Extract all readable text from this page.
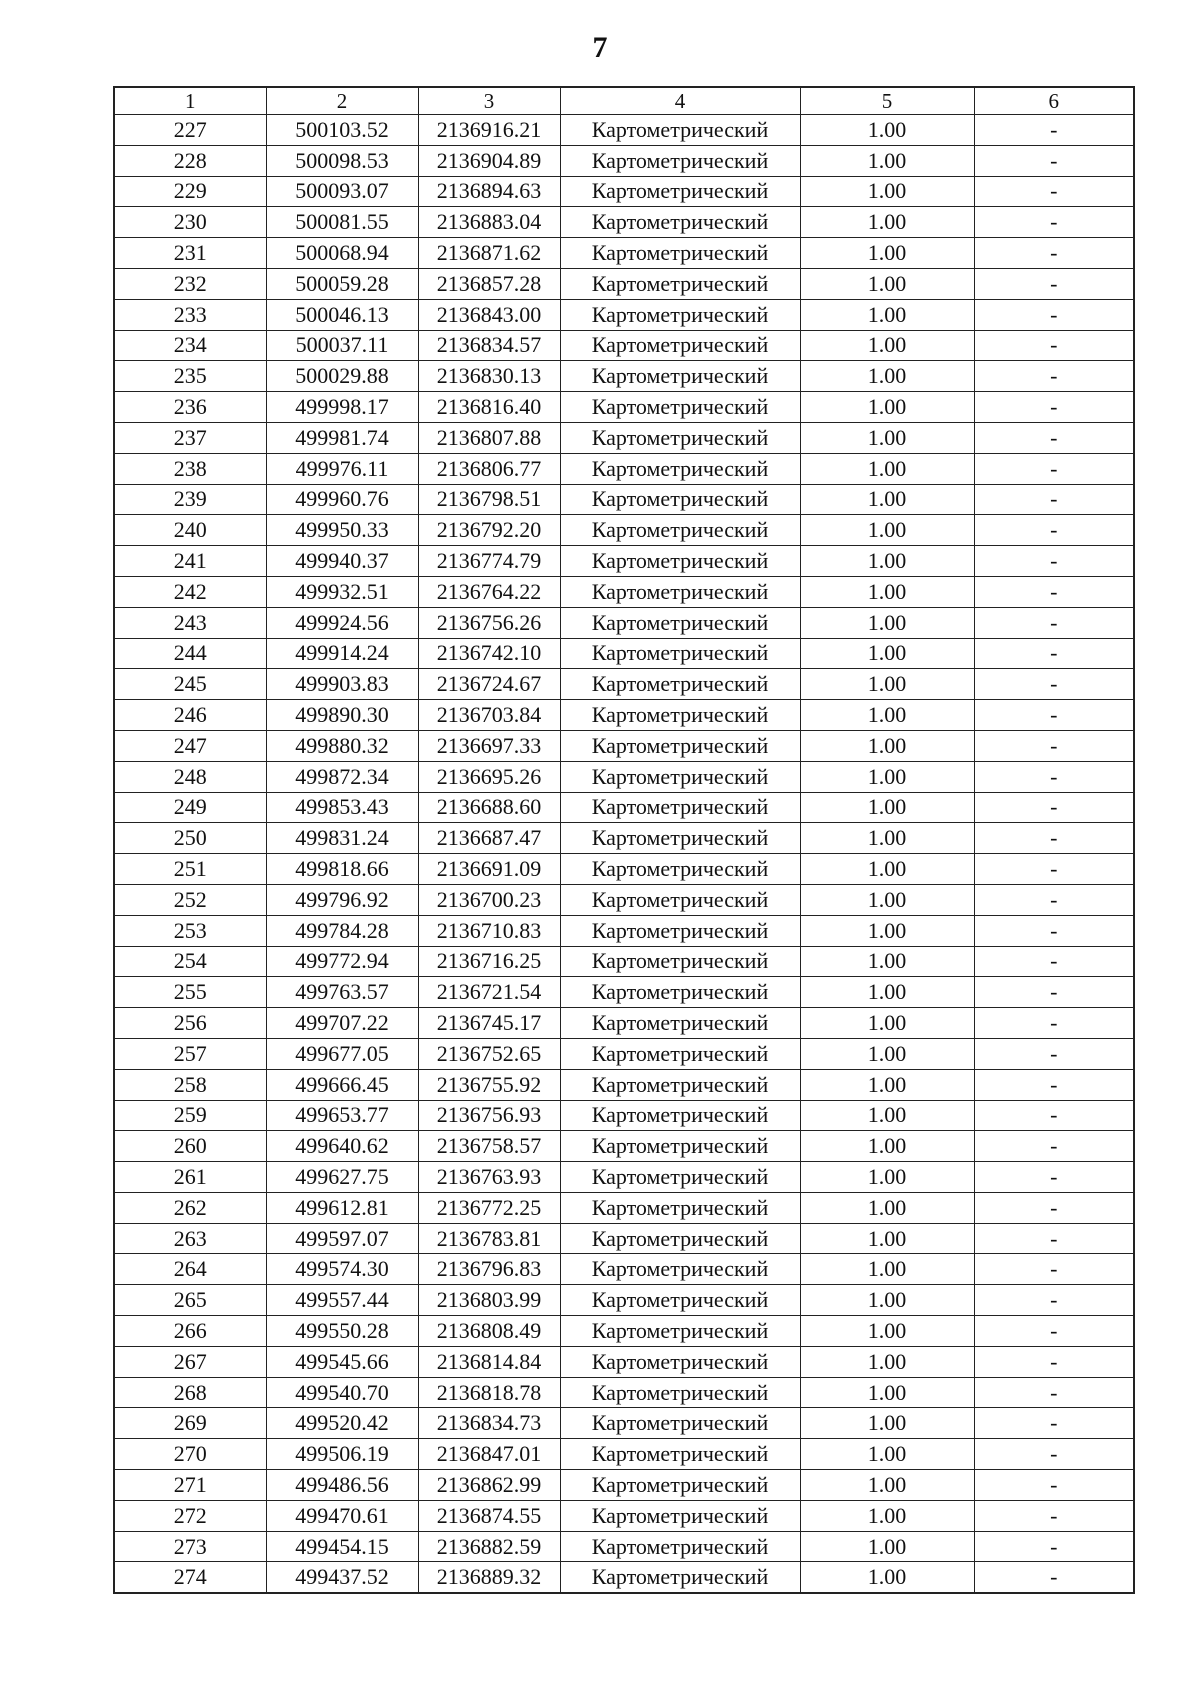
7
1	2	3	4	5	6
227	500103.52	2136916.21	Картометрический	1.00	-
228	500098.53	2136904.89	Картометрический	1.00	-
229	500093.07	2136894.63	Картометрический	1.00	-
230	500081.55	2136883.04	Картометрический	1.00	-
231	500068.94	2136871.62	Картометрический	1.00	-
232	500059.28	2136857.28	Картометрический	1.00	-
233	500046.13	2136843.00	Картометрический	1.00	-
234	500037.11	2136834.57	Картометрический	1.00	-
235	500029.88	2136830.13	Картометрический	1.00	-
236	499998.17	2136816.40	Картометрический	1.00	-
237	499981.74	2136807.88	Картометрический	1.00	-
238	499976.11	2136806.77	Картометрический	1.00	-
239	499960.76	2136798.51	Картометрический	1.00	-
240	499950.33	2136792.20	Картометрический	1.00	-
241	499940.37	2136774.79	Картометрический	1.00	-
242	499932.51	2136764.22	Картометрический	1.00	-
243	499924.56	2136756.26	Картометрический	1.00	-
244	499914.24	2136742.10	Картометрический	1.00	-
245	499903.83	2136724.67	Картометрический	1.00	-
246	499890.30	2136703.84	Картометрический	1.00	-
247	499880.32	2136697.33	Картометрический	1.00	-
248	499872.34	2136695.26	Картометрический	1.00	-
249	499853.43	2136688.60	Картометрический	1.00	-
250	499831.24	2136687.47	Картометрический	1.00	-
251	499818.66	2136691.09	Картометрический	1.00	-
252	499796.92	2136700.23	Картометрический	1.00	-
253	499784.28	2136710.83	Картометрический	1.00	-
254	499772.94	2136716.25	Картометрический	1.00	-
255	499763.57	2136721.54	Картометрический	1.00	-
256	499707.22	2136745.17	Картометрический	1.00	-
257	499677.05	2136752.65	Картометрический	1.00	-
258	499666.45	2136755.92	Картометрический	1.00	-
259	499653.77	2136756.93	Картометрический	1.00	-
260	499640.62	2136758.57	Картометрический	1.00	-
261	499627.75	2136763.93	Картометрический	1.00	-
262	499612.81	2136772.25	Картометрический	1.00	-
263	499597.07	2136783.81	Картометрический	1.00	-
264	499574.30	2136796.83	Картометрический	1.00	-
265	499557.44	2136803.99	Картометрический	1.00	-
266	499550.28	2136808.49	Картометрический	1.00	-
267	499545.66	2136814.84	Картометрический	1.00	-
268	499540.70	2136818.78	Картометрический	1.00	-
269	499520.42	2136834.73	Картометрический	1.00	-
270	499506.19	2136847.01	Картометрический	1.00	-
271	499486.56	2136862.99	Картометрический	1.00	-
272	499470.61	2136874.55	Картометрический	1.00	-
273	499454.15	2136882.59	Картометрический	1.00	-
274	499437.52	2136889.32	Картометрический	1.00	-
